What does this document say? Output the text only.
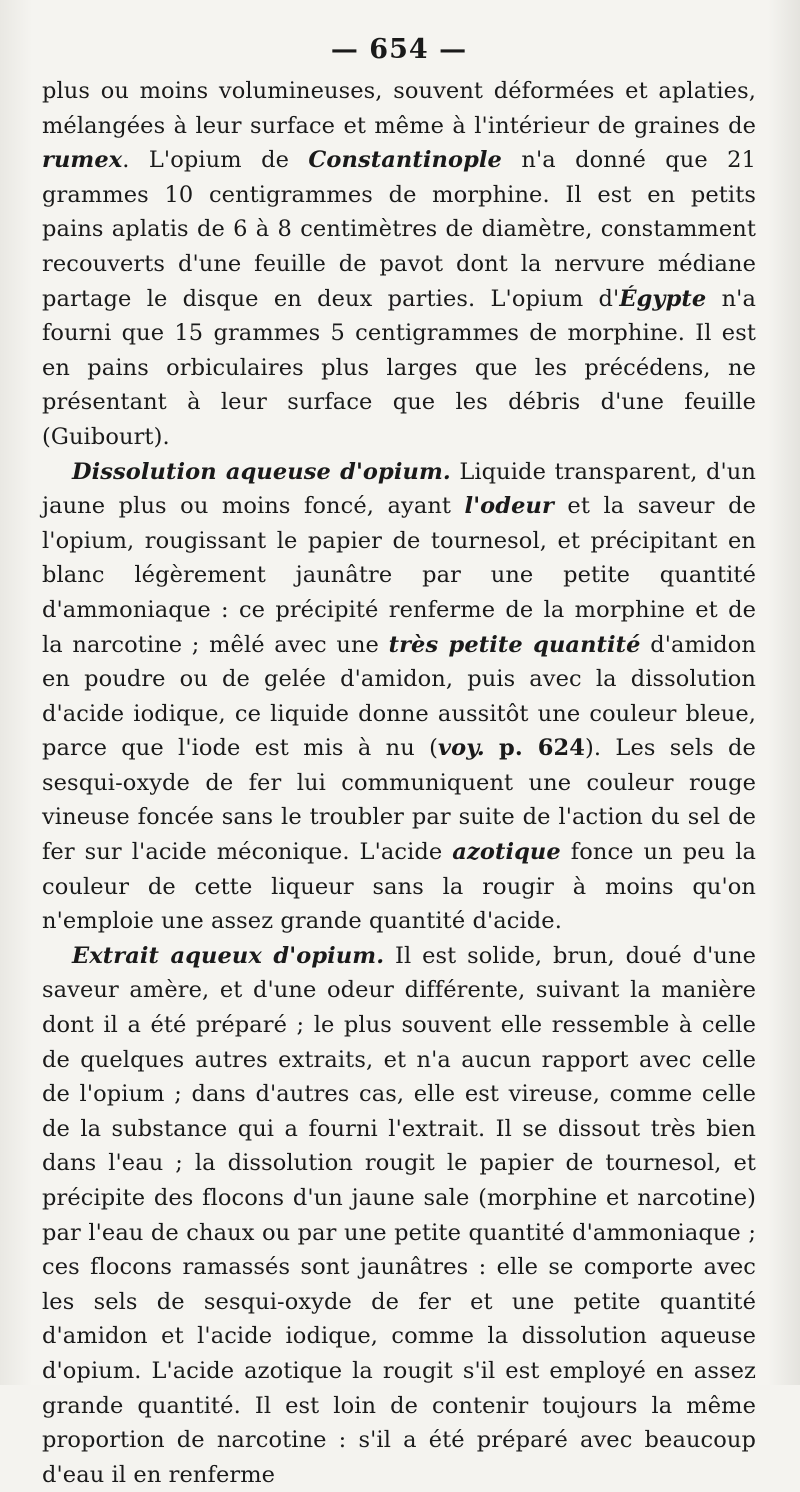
— 654 —

plus ou moins volumineuses, souvent déformées et aplaties, mélangées à leur surface et même à l'intérieur de graines de rumex. L'opium de Constantinople n'a donné que 21 grammes 10 centigrammes de morphine. Il est en petits pains aplatis de 6 à 8 centimètres de diamètre, constamment recouverts d'une feuille de pavot dont la nervure médiane partage le disque en deux parties. L'opium d'Égypte n'a fourni que 15 grammes 5 centigrammes de morphine. Il est en pains orbiculaires plus larges que les précédens, ne présentant à leur surface que les débris d'une feuille (Guibourt).

Dissolution aqueuse d'opium. Liquide transparent, d'un jaune plus ou moins foncé, ayant l'odeur et la saveur de l'opium, rougissant le papier de tournesol, et précipitant en blanc légèrement jaunâtre par une petite quantité d'ammoniaque : ce précipité renferme de la morphine et de la narcotine ; mêlé avec une très petite quantité d'amidon en poudre ou de gelée d'amidon, puis avec la dissolution d'acide iodique, ce liquide donne aussitôt une couleur bleue, parce que l'iode est mis à nu (voy. p. 624). Les sels de sesqui-oxyde de fer lui communiquent une couleur rouge vineuse foncée sans le troubler par suite de l'action du sel de fer sur l'acide méconique. L'acide azotique fonce un peu la couleur de cette liqueur sans la rougir à moins qu'on n'emploie une assez grande quantité d'acide.

Extrait aqueux d'opium. Il est solide, brun, doué d'une saveur amère, et d'une odeur différente, suivant la manière dont il a été préparé ; le plus souvent elle ressemble à celle de quelques autres extraits, et n'a aucun rapport avec celle de l'opium ; dans d'autres cas, elle est vireuse, comme celle de la substance qui a fourni l'extrait. Il se dissout très bien dans l'eau ; la dissolution rougit le papier de tournesol, et précipite des flocons d'un jaune sale (morphine et narcotine) par l'eau de chaux ou par une petite quantité d'ammoniaque ; ces flocons ramassés sont jaunâtres : elle se comporte avec les sels de sesqui-oxyde de fer et une petite quantité d'amidon et l'acide iodique, comme la dissolution aqueuse d'opium. L'acide azotique la rougit s'il est employé en assez grande quantité. Il est loin de contenir toujours la même proportion de narcotine : s'il a été préparé avec beaucoup d'eau il en renferme
